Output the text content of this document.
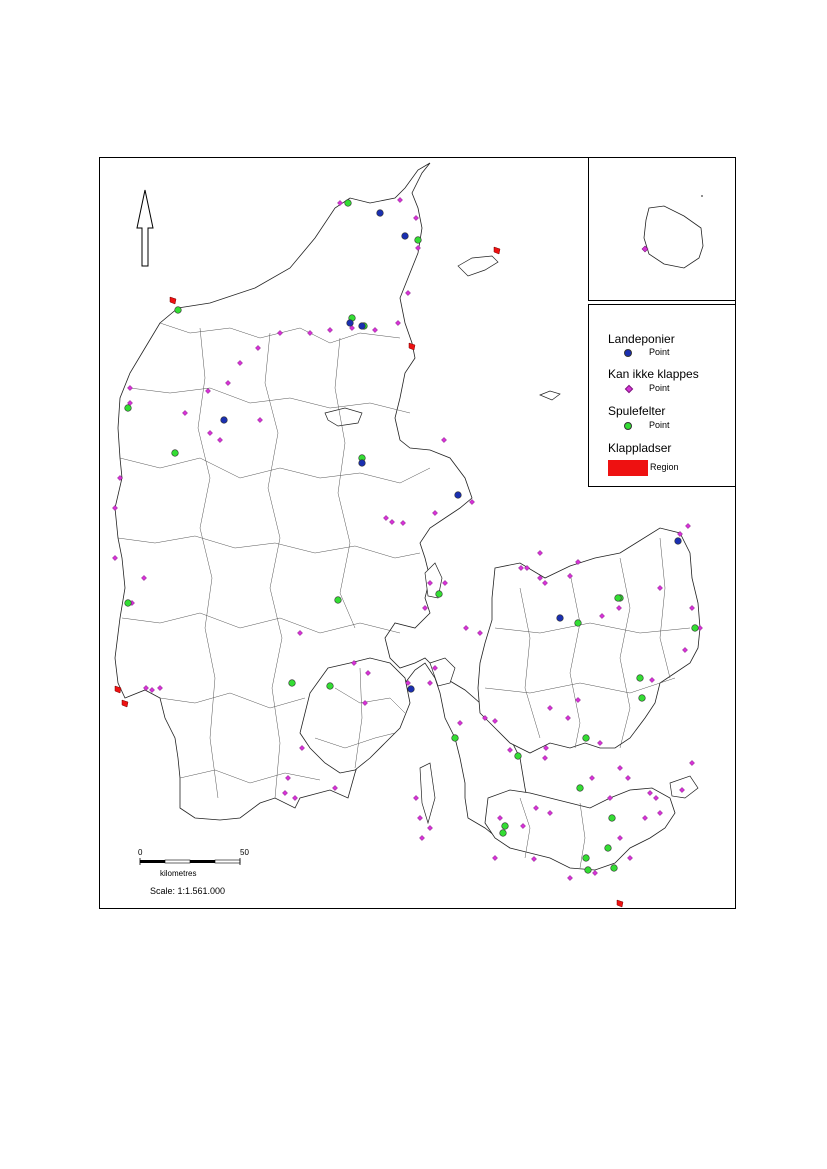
0	50
kilometres
Scale: 1:1.561.000
Landeponier
Point
Kan ikke klappes
Point
Spulefelter
Point
Klappladser
Region
